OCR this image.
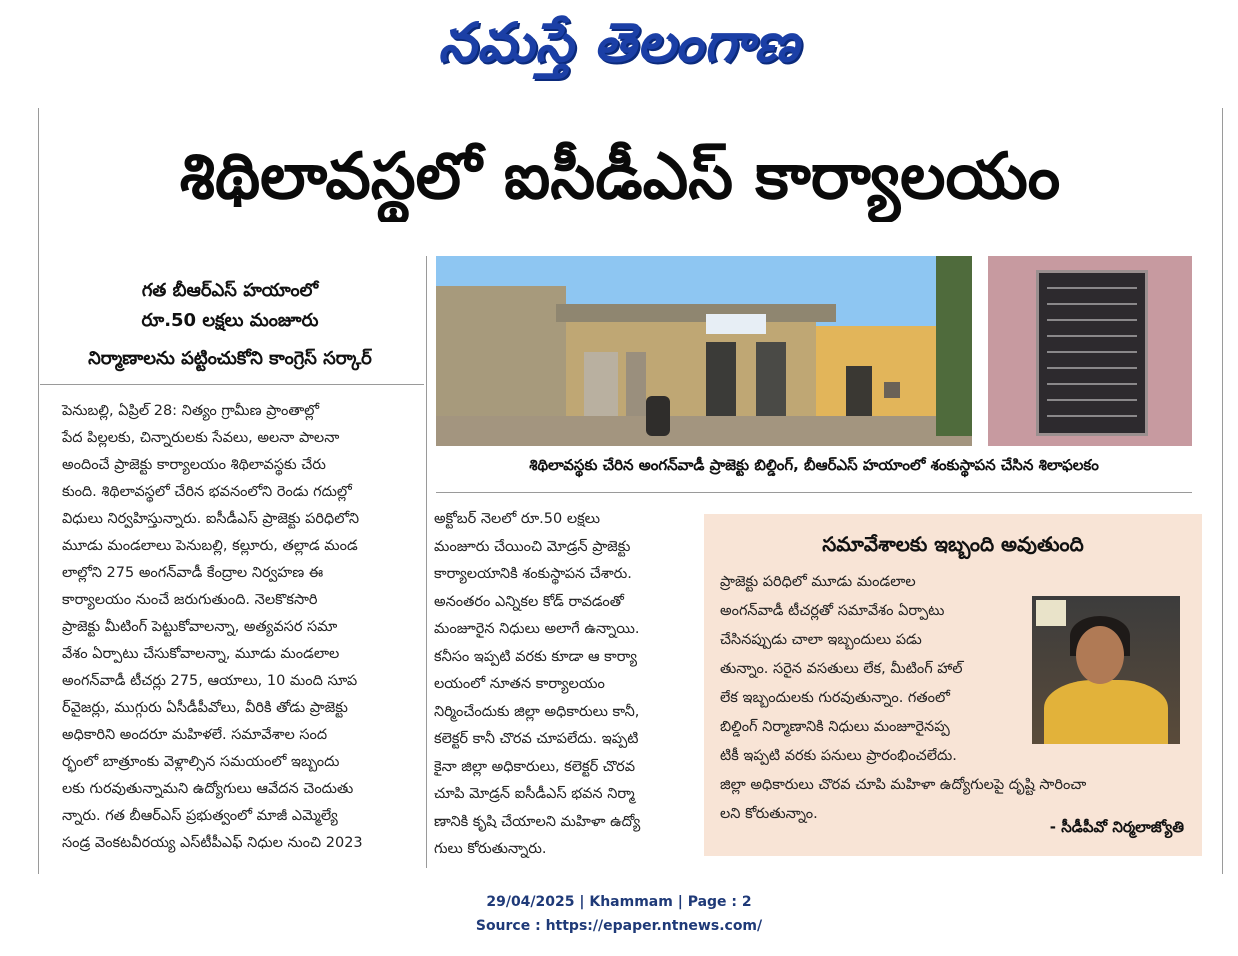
నమస్తే తెలంగాణ
శిథిలావస్థలో ఐసీడీఎస్ కార్యాలయం
గత బీఆర్ఎస్ హయాంలో
రూ.50 లక్షలు మంజూరు
నిర్మాణాలను పట్టించుకోని కాంగ్రెస్ సర్కార్

పెనుబల్లి, ఏప్రిల్ 28: నిత్యం గ్రామీణ ప్రాంతాల్లో

పేద పిల్లలకు, చిన్నారులకు సేవలు, అలనా పాలనా

అందించే ప్రాజెక్టు కార్యాలయం శిథిలావస్థకు చేరు

కుంది. శిథిలావస్థలో చేరిన భవనంలోని రెండు గదుల్లో

విధులు నిర్వహిస్తున్నారు. ఐసీడీఎస్ ప్రాజెక్టు పరిధిలోని

మూడు మండలాలు పెనుబల్లి, కల్లూరు, తల్లాడ మండ

లాల్లోని 275 అంగన్‌వాడీ కేంద్రాల నిర్వహణ ఈ

కార్యాలయం నుంచే జరుగుతుంది. నెలకొకసారి

ప్రాజెక్టు మీటింగ్ పెట్టుకోవాలన్నా, అత్యవసర సమా

వేశం ఏర్పాటు చేసుకోవాలన్నా, మూడు మండలాల

అంగన్‌వాడీ టీచర్లు 275, ఆయాలు, 10 మంది సూప

ర్‌వైజర్లు, ముగ్గురు ఏసీడీపీవోలు, వీరికి తోడు ప్రాజెక్టు

అధికారిని అందరూ మహిళలే. సమావేశాల సంద

ర్భంలో బాత్రూంకు వెళ్లాల్సిన సమయంలో ఇబ్బందు

లకు గురవుతున్నామని ఉద్యోగులు ఆవేదన చెందుతు

న్నారు. గత బీఆర్ఎస్ ప్రభుత్వంలో మాజీ ఎమ్మెల్యే

సండ్ర వెంకటవీరయ్య ఎస్‌టీపీఎఫ్ నిధుల నుంచి 2023

శిథిలావస్థకు చేరిన అంగన్‌వాడీ ప్రాజెక్టు బిల్డింగ్, బీఆర్ఎస్ హయాంలో శంకుస్థాపన చేసిన శిలాఫలకం

అక్టోబర్ నెలలో రూ.50 లక్షలు

మంజూరు చేయించి మోడ్రన్ ప్రాజెక్టు

కార్యాలయానికి శంకుస్థాపన చేశారు.

అనంతరం ఎన్నికల కోడ్ రావడంతో

మంజూరైన నిధులు అలాగే ఉన్నాయి.

కనీసం ఇప్పటి వరకు కూడా ఆ కార్యా

లయంలో నూతన కార్యాలయం

నిర్మించేందుకు జిల్లా అధికారులు కానీ,

కలెక్టర్ కానీ చొరవ చూపలేదు. ఇప్పటి

కైనా జిల్లా అధికారులు, కలెక్టర్ చొరవ

చూపి మోడ్రన్ ఐసీడీఎస్ భవన నిర్మా

ణానికి కృషి చేయాలని మహిళా ఉద్యో

గులు కోరుతున్నారు.

సమావేశాలకు ఇబ్బంది అవుతుంది
ప్రాజెక్టు పరిధిలో మూడు మండలాల
అంగన్‌వాడీ టీచర్లతో సమావేశం ఏర్పాటు
చేసినప్పుడు చాలా ఇబ్బందులు పడు
తున్నాం. సరైన వసతులు లేక, మీటింగ్ హాల్
లేక ఇబ్బందులకు గురవుతున్నాం. గతంలో
బిల్డింగ్ నిర్మాణానికి నిధులు మంజూరైనప్ప
టికీ ఇప్పటి వరకు పనులు ప్రారంభించలేదు.
జిల్లా అధికారులు చొరవ చూపి మహిళా ఉద్యోగులపై దృష్టి సారించా
లని కోరుతున్నాం.
- సీడీపీవో నిర్మలాజ్యోతి
29/04/2025 | Khammam | Page : 2
Source : https://epaper.ntnews.com/
